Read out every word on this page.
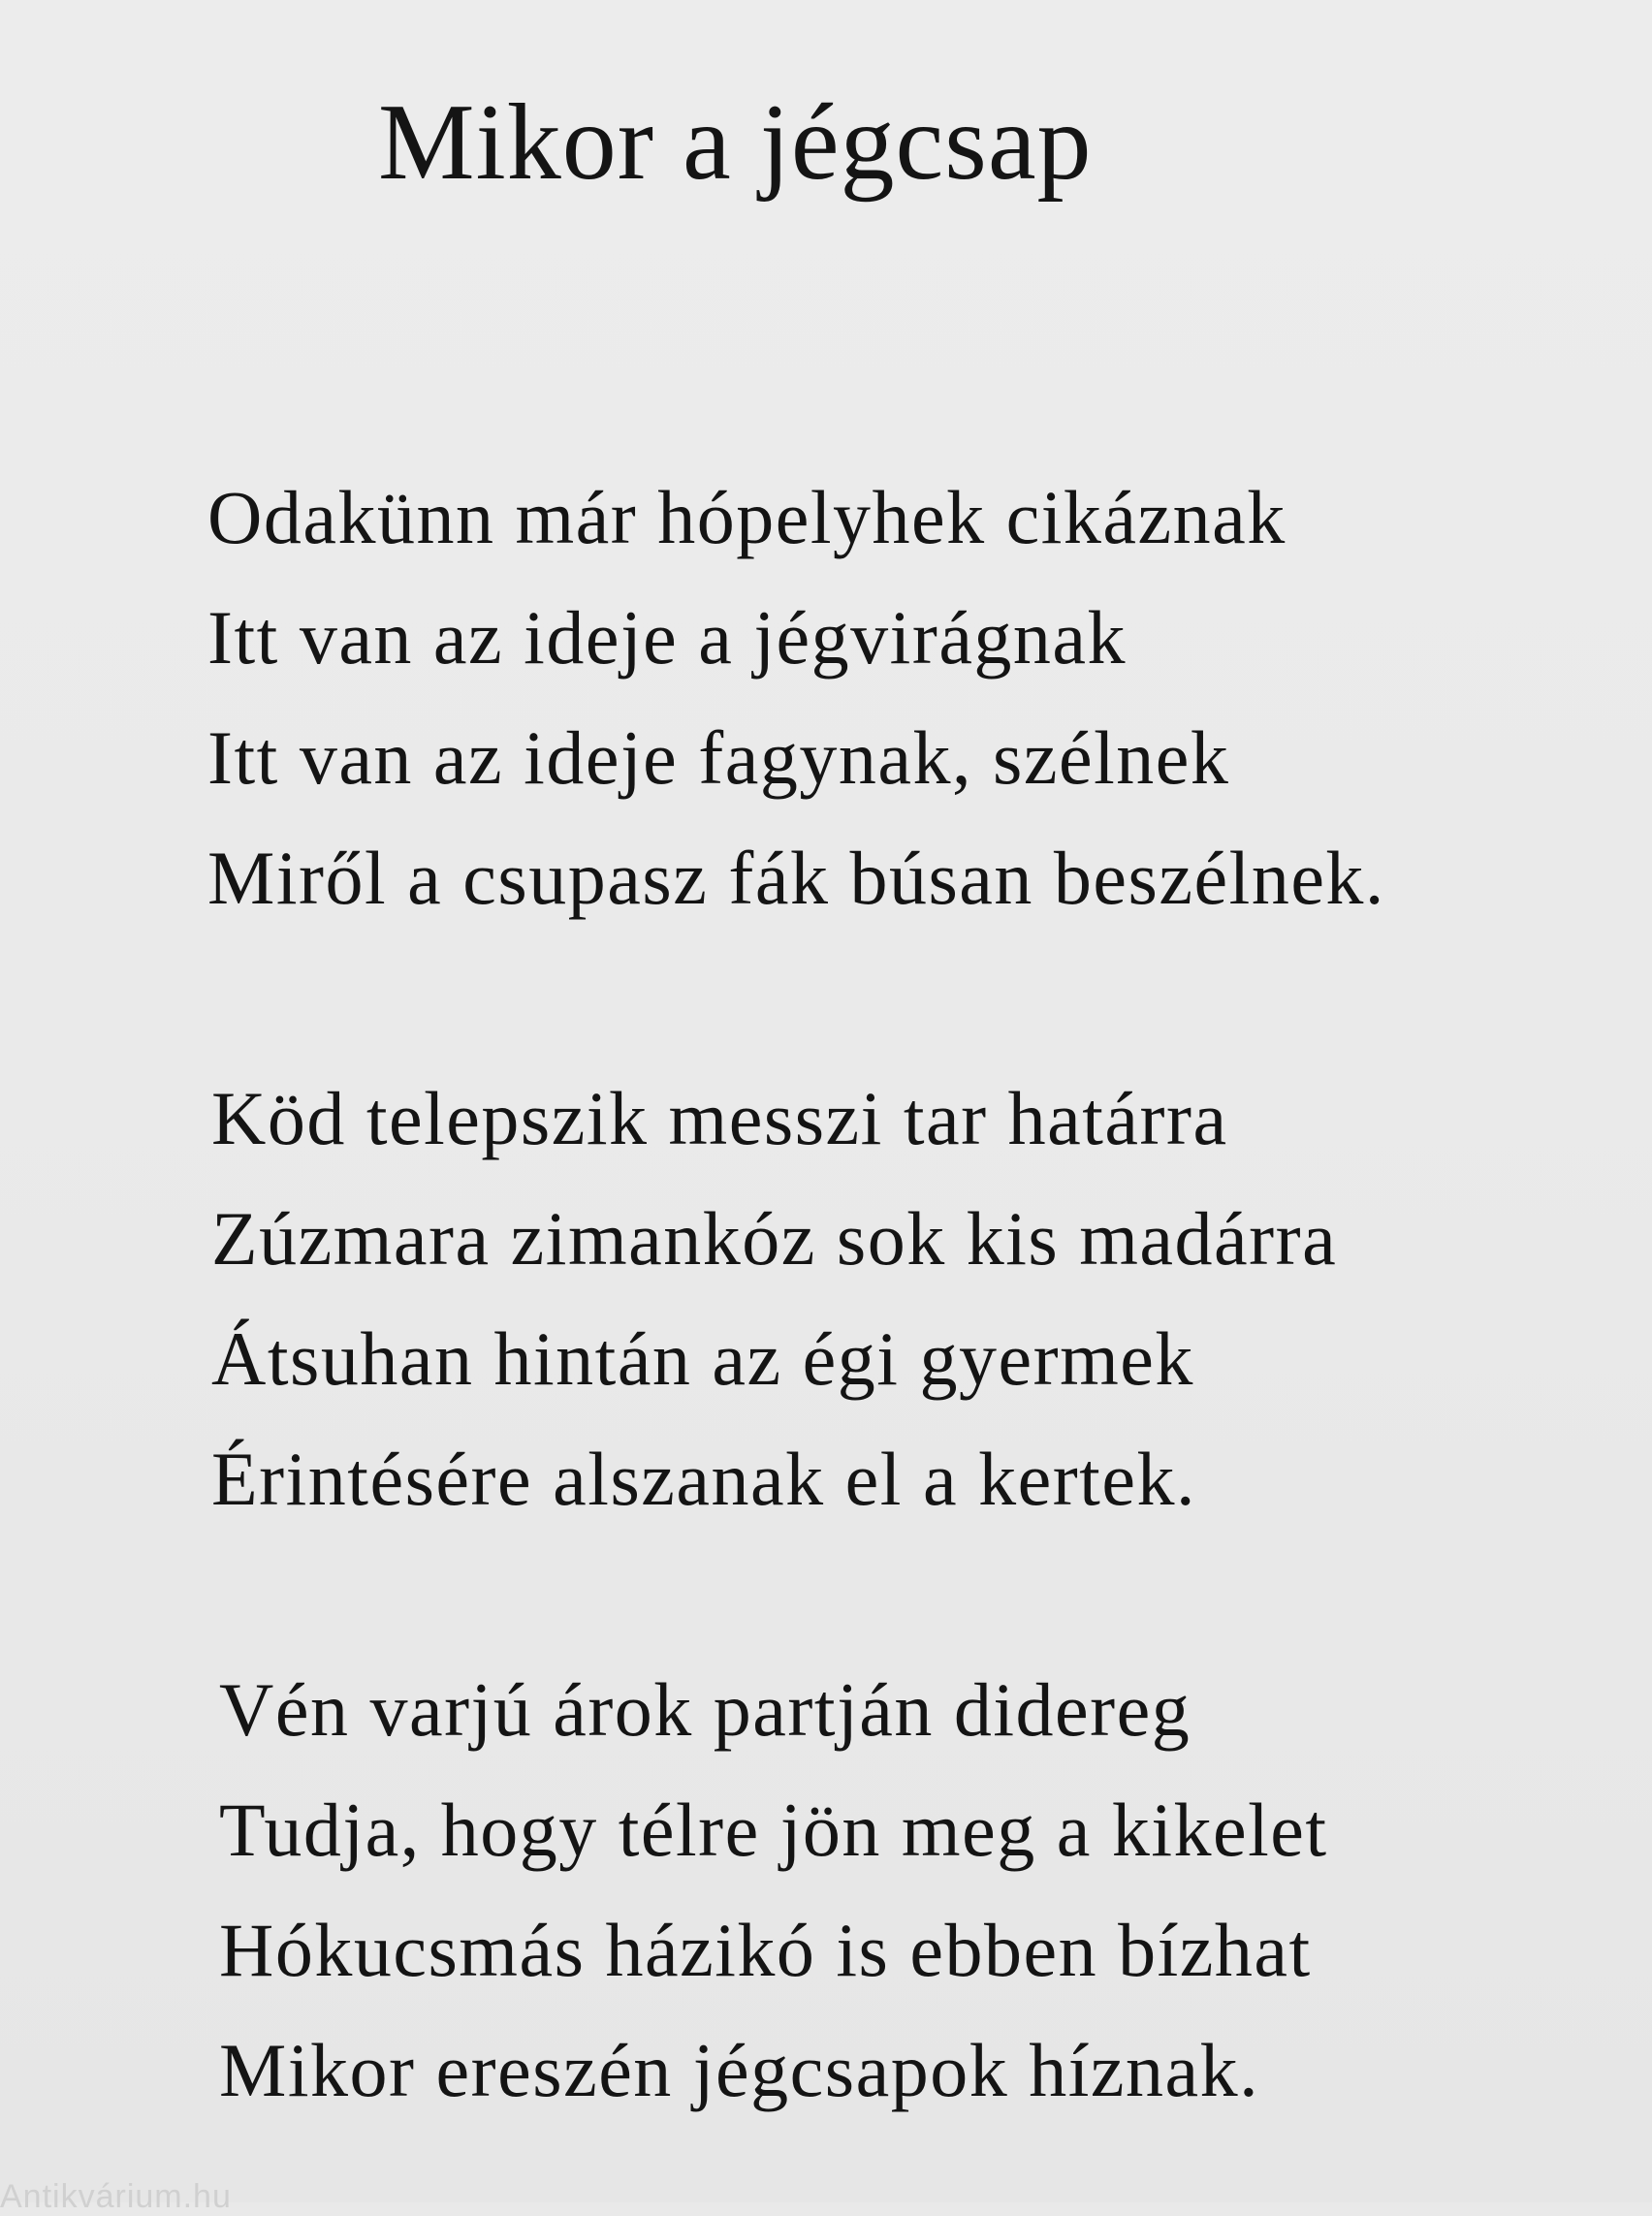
Mikor a jégcsap
Odakünn már hópelyhek cikáznak
Itt van az ideje a jégvirágnak
Itt van az ideje fagynak, szélnek
Miről a csupasz fák búsan beszélnek.
Köd telepszik messzi tar határra
Zúzmara zimankóz sok kis madárra
Átsuhan hintán az égi gyermek
Érintésére alszanak el a kertek.
Vén varjú árok partján didereg
Tudja, hogy télre jön meg a kikelet
Hókucsmás házikó is ebben bízhat
Mikor ereszén jégcsapok híznak.
Antikvárium.hu
